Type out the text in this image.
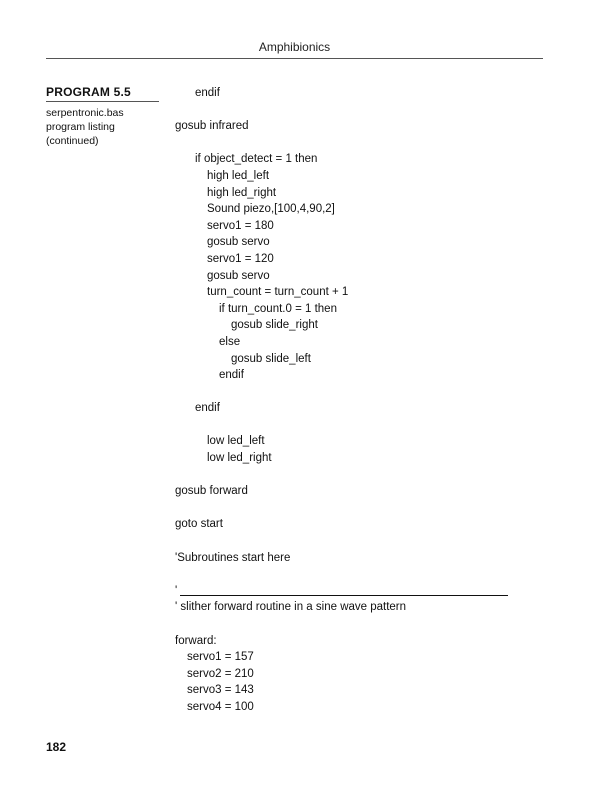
Amphibionics
PROGRAM 5.5
serpentronic.bas
program listing
(continued)
endif
gosub infrared
if object_detect = 1 then
high led_left
high led_right
Sound piezo,[100,4,90,2]
servo1 = 180
gosub servo
servo1 = 120
gosub servo
turn_count = turn_count + 1
if turn_count.0 = 1 then
gosub slide_right
else
gosub slide_left
endif
endif
low led_left
low led_right
gosub forward
goto start
'Subroutines start here
'
' slither forward routine in a sine wave pattern
forward:
servo1 = 157
servo2 = 210
servo3 = 143
servo4 = 100
182
